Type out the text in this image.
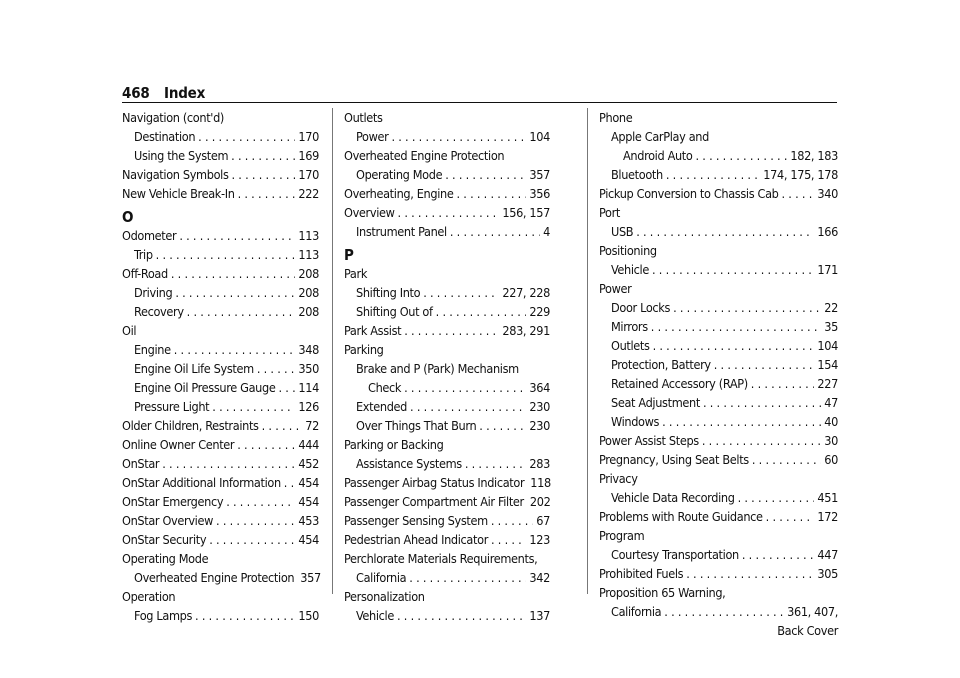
468 Index
Navigation (cont'd)
Destination . . .	170
Using the System . . .	169
Navigation Symbols . . .	170
New Vehicle Break-In . . .	222
O
Odometer . . .	113
Trip . . .	113
Off-Road . . .	208
Driving . . .	208
Recovery . . .	208
Oil
Engine . . .	348
Engine Oil Life System . . .	350
Engine Oil Pressure Gauge . . . 114
Pressure Light . . .	126
Older Children, Restraints . . .	72
Online Owner Center . . .	444
OnStar . . .	452
OnStar Additional Information . . . 454
OnStar Emergency . . .	454
OnStar Overview . . .	453
OnStar Security . . .	454
Operating Mode
Overheated Engine Protection 357
Operation
Fog Lamps . . .	150
Outlets
Power . . .	104
Overheated Engine Protection
Operating Mode . . .	357
Overheating, Engine . . .	356
Overview . . .	156, 157
Instrument Panel . . .	4
P
Park
Shifting Into . . .	227, 228
Shifting Out of . . .	229
Park Assist . . .	283, 291
Parking
Brake and P (Park) Mechanism
Check . . .	364
Extended . . .	230
Over Things That Burn . . .	230
Parking or Backing
Assistance Systems . . .	283
Passenger Airbag Status Indicator 118
Passenger Compartment Air Filter 202
Passenger Sensing System . . .	67
Pedestrian Ahead Indicator . . .	123
Perchlorate Materials Requirements,
California . . .	342
Personalization
Vehicle . . .	137
Phone
Apple CarPlay and
Android Auto . . .	182, 183
Bluetooth . . .	174, 175, 178
Pickup Conversion to Chassis Cab . . .	340
Port
USB . . .	166
Positioning
Vehicle . . .	171
Power
Door Locks . . .	22
Mirrors . . .	35
Outlets . . .	104
Protection, Battery . . .	154
Retained Accessory (RAP) . . .	227
Seat Adjustment . . .	47
Windows . . .	40
Power Assist Steps . . .	30
Pregnancy, Using Seat Belts . . .	60
Privacy
Vehicle Data Recording . . .	451
Problems with Route Guidance . . .	172
Program
Courtesy Transportation . . .	447
Prohibited Fuels . . .	305
Proposition 65 Warning,
California . . .	361, 407,
Back Cover
